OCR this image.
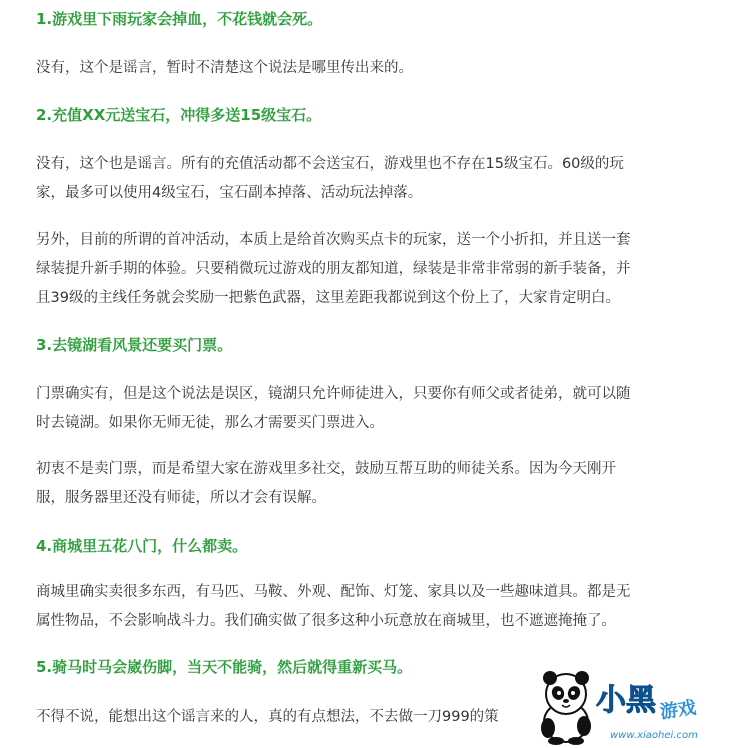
1.游戏里下雨玩家会掉血，不花钱就会死。

没有，这个是谣言，暂时不清楚这个说法是哪里传出来的。

2.充值XX元送宝石，冲得多送15级宝石。

没有，这个也是谣言。所有的充值活动都不会送宝石，游戏里也不存在15级宝石。60级的玩
家，最多可以使用4级宝石，宝石副本掉落、活动玩法掉落。

另外，目前的所谓的首冲活动，本质上是给首次购买点卡的玩家，送一个小折扣，并且送一套
绿装提升新手期的体验。只要稍微玩过游戏的朋友都知道，绿装是非常非常弱的新手装备，并
且39级的主线任务就会奖励一把紫色武器，这里差距我都说到这个份上了，大家肯定明白。

3.去镜湖看风景还要买门票。

门票确实有，但是这个说法是误区，镜湖只允许师徒进入，只要你有师父或者徒弟，就可以随
时去镜湖。如果你无师无徒，那么才需要买门票进入。

初衷不是卖门票，而是希望大家在游戏里多社交，鼓励互帮互助的师徒关系。因为今天刚开
服，服务器里还没有师徒，所以才会有误解。

4.商城里五花八门，什么都卖。

商城里确实卖很多东西，有马匹、马鞍、外观、配饰、灯笼、家具以及一些趣味道具。都是无
属性物品，不会影响战斗力。我们确实做了很多这种小玩意放在商城里，也不遮遮掩掩了。

5.骑马时马会崴伤脚，当天不能骑，然后就得重新买马。

不得不说，能想出这个谣言来的人，真的有点想法，不去做一刀999的策	小黑 游戏
www.xiaohei.com
